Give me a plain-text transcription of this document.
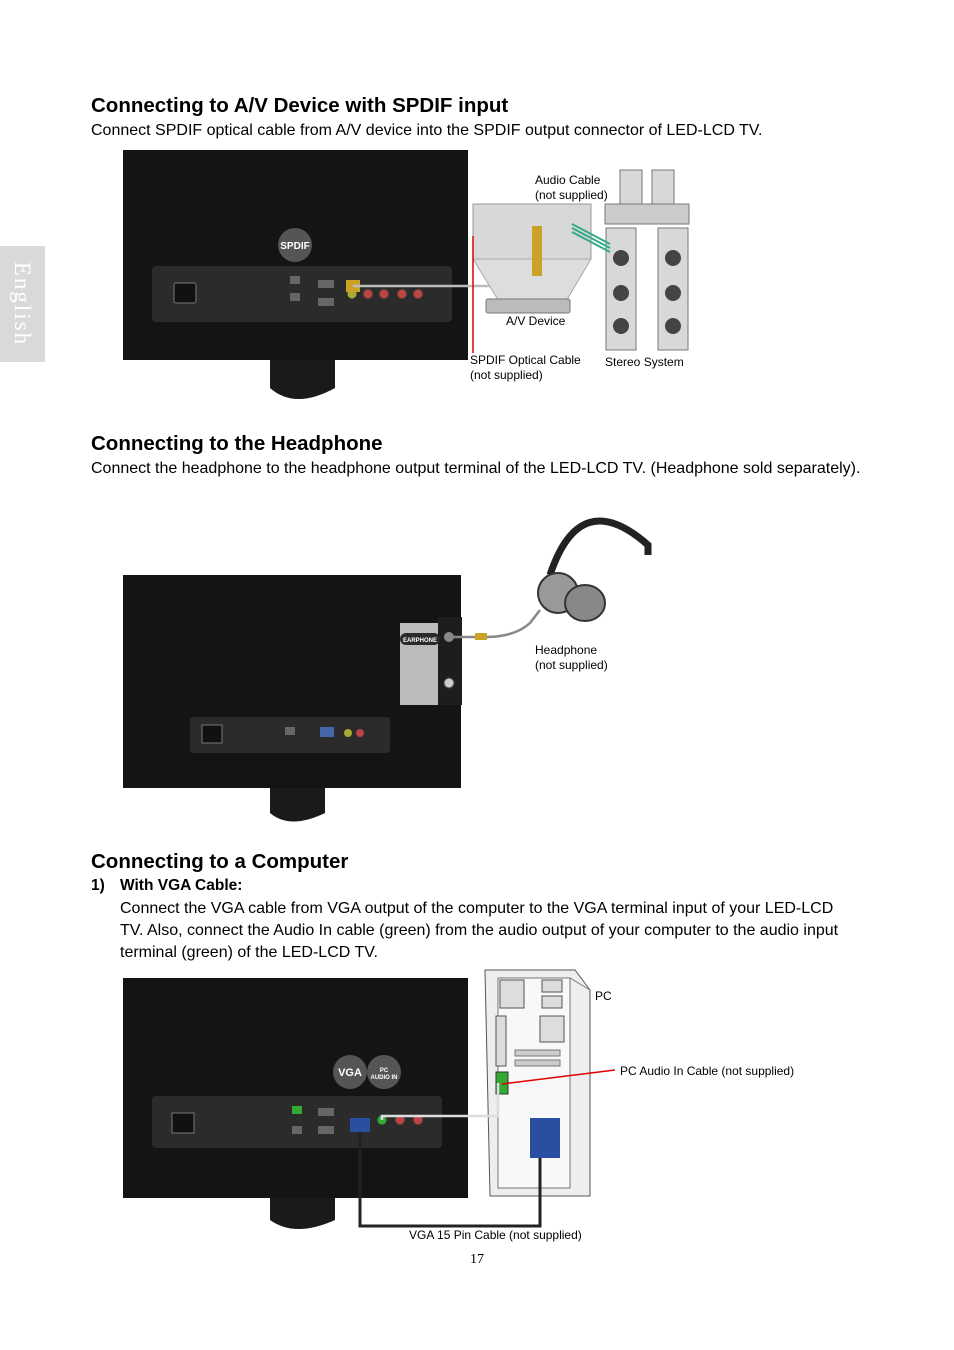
English
Connecting to A/V Device with SPDIF input

Connect SPDIF optical cable from A/V device into the SPDIF output connector of LED-LCD TV.

SPDIF
Audio Cable
(not supplied)
A/V Device
SPDIF Optical Cable
(not supplied)
Stereo System
Connecting to the Headphone

Connect the headphone to the headphone output terminal of the LED-LCD TV. (Headphone sold separately).

EARPHONE
Headphone
(not supplied)
Connecting to a Computer

1) With VGA Cable:

Connect the VGA cable from VGA output of the computer to the VGA terminal input of your LED-LCD TV. Also, connect the Audio In cable (green) from the audio output of your computer to the audio input terminal (green) of the LED-LCD TV.

VGA	PC AUDIO IN
PC
PC Audio In Cable (not supplied)
VGA 15 Pin Cable (not supplied)
17
